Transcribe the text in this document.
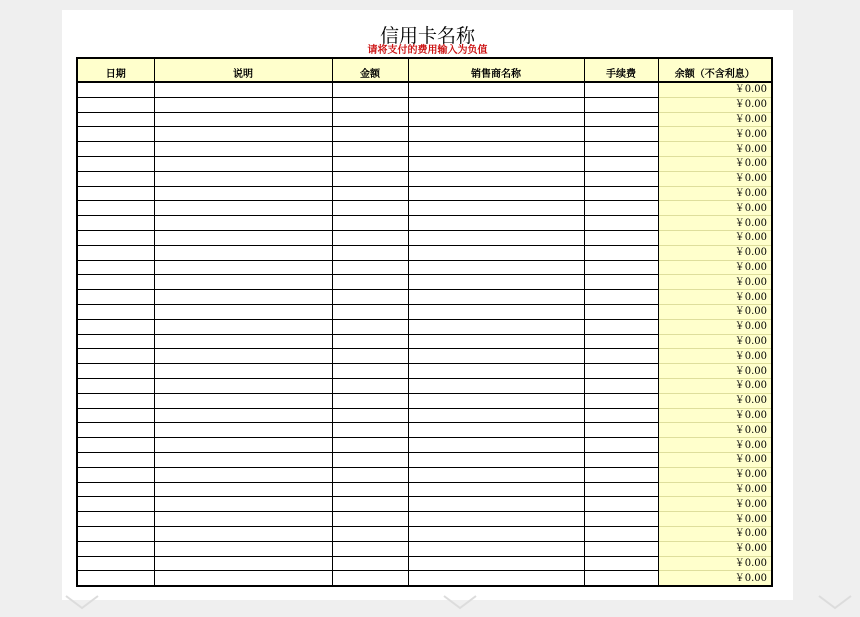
信用卡名称
请将支付的费用输入为负值
日期	说明	金额	销售商名称	手续费	余额（不含利息）
					￥0.00
					￥0.00
					￥0.00
					￥0.00
					￥0.00
					￥0.00
					￥0.00
					￥0.00
					￥0.00
					￥0.00
					￥0.00
					￥0.00
					￥0.00
					￥0.00
					￥0.00
					￥0.00
					￥0.00
					￥0.00
					￥0.00
					￥0.00
					￥0.00
					￥0.00
					￥0.00
					￥0.00
					￥0.00
					￥0.00
					￥0.00
					￥0.00
					￥0.00
					￥0.00
					￥0.00
					￥0.00
					￥0.00
					￥0.00
